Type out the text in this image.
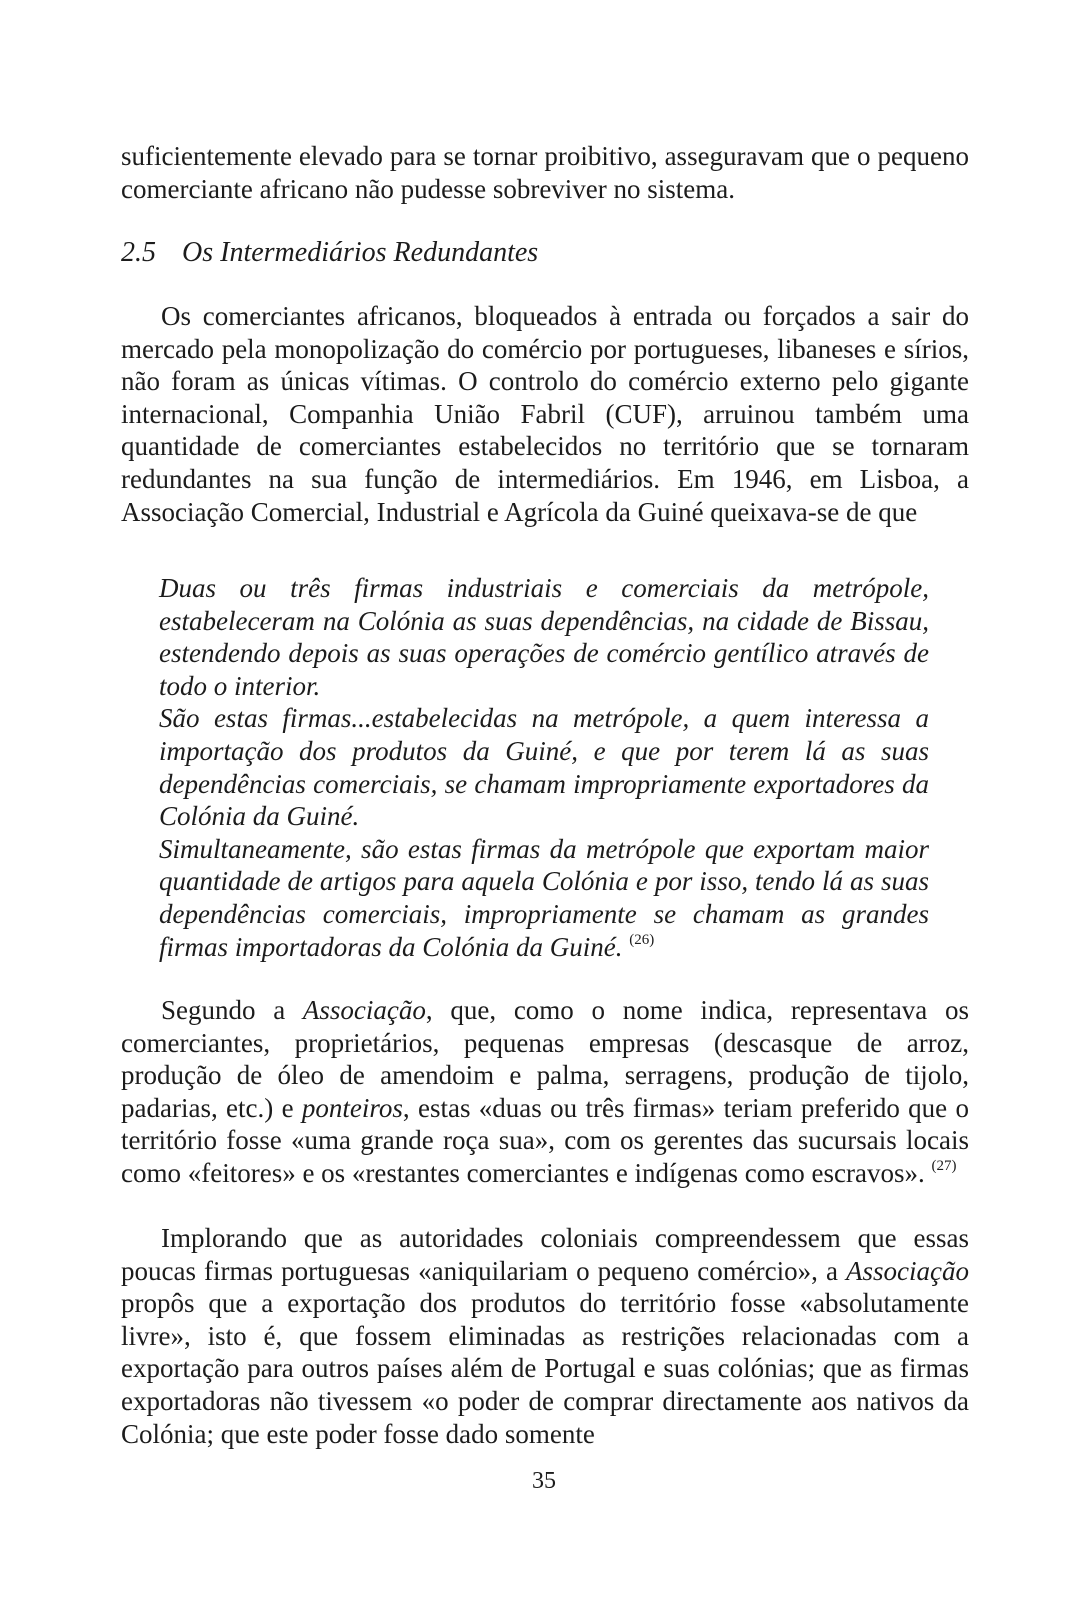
suficientemente elevado para se tornar proibitivo, asseguravam que o pequeno comerciante africano não pudesse sobreviver no sistema.

2.5 Os Intermediários Redundantes

Os comerciantes africanos, bloqueados à entrada ou forçados a sair do mercado pela monopolização do comércio por portugueses, libaneses e sírios, não foram as únicas vítimas. O controlo do comércio externo pelo gigante internacional, Companhia União Fabril (CUF), arruinou também uma quantidade de comerciantes estabelecidos no território que se tornaram redundantes na sua função de intermediários. Em 1946, em Lisboa, a Associação Comercial, Industrial e Agrícola da Guiné queixava-se de que

Duas ou três firmas industriais e comerciais da metrópole, estabeleceram na Colónia as suas dependências, na cidade de Bissau, estendendo depois as suas operações de comércio gentílico através de todo o interior.

São estas firmas...estabelecidas na metrópole, a quem interessa a importação dos produtos da Guiné, e que por terem lá as suas dependências comerciais, se chamam impropriamente exportadores da Colónia da Guiné.

Simultaneamente, são estas firmas da metrópole que exportam maior quantidade de artigos para aquela Colónia e por isso, tendo lá as suas dependências comerciais, impropriamente se chamam as grandes firmas importadoras da Colónia da Guiné. $^{(26)}$

Segundo a Associação, que, como o nome indica, representava os comerciantes, proprietários, pequenas empresas (descasque de arroz, produção de óleo de amendoim e palma, serragens, produção de tijolo, padarias, etc.) e ponteiros, estas «duas ou três firmas» teriam preferido que o território fosse «uma grande roça sua», com os gerentes das sucursais locais como «feitores» e os «restantes comerciantes e indígenas como escravos». $^{(27)}$

Implorando que as autoridades coloniais compreendessem que essas poucas firmas portuguesas «aniquilariam o pequeno comércio», a Associação propôs que a exportação dos produtos do território fosse «absolutamente livre», isto é, que fossem eliminadas as restrições relacionadas com a exportação para outros países além de Portugal e suas colónias; que as firmas exportadoras não tivessem «o poder de comprar directamente aos nativos da Colónia; que este poder fosse dado somente

35
